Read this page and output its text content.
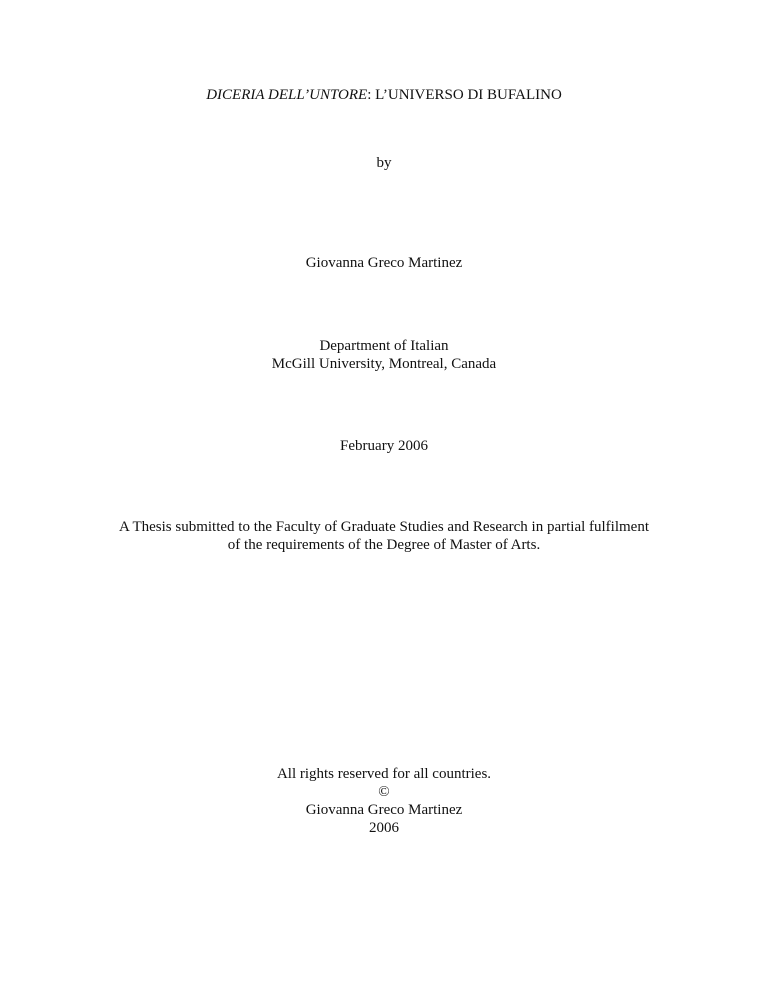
DICERIA DELL’UNTORE: L’UNIVERSO DI BUFALINO
by
Giovanna Greco Martinez
Department of Italian
McGill University, Montreal, Canada
February 2006
A Thesis submitted to the Faculty of Graduate Studies and Research in partial fulfilment
of the requirements of the Degree of Master of Arts.
All rights reserved for all countries.
©
Giovanna Greco Martinez
2006
